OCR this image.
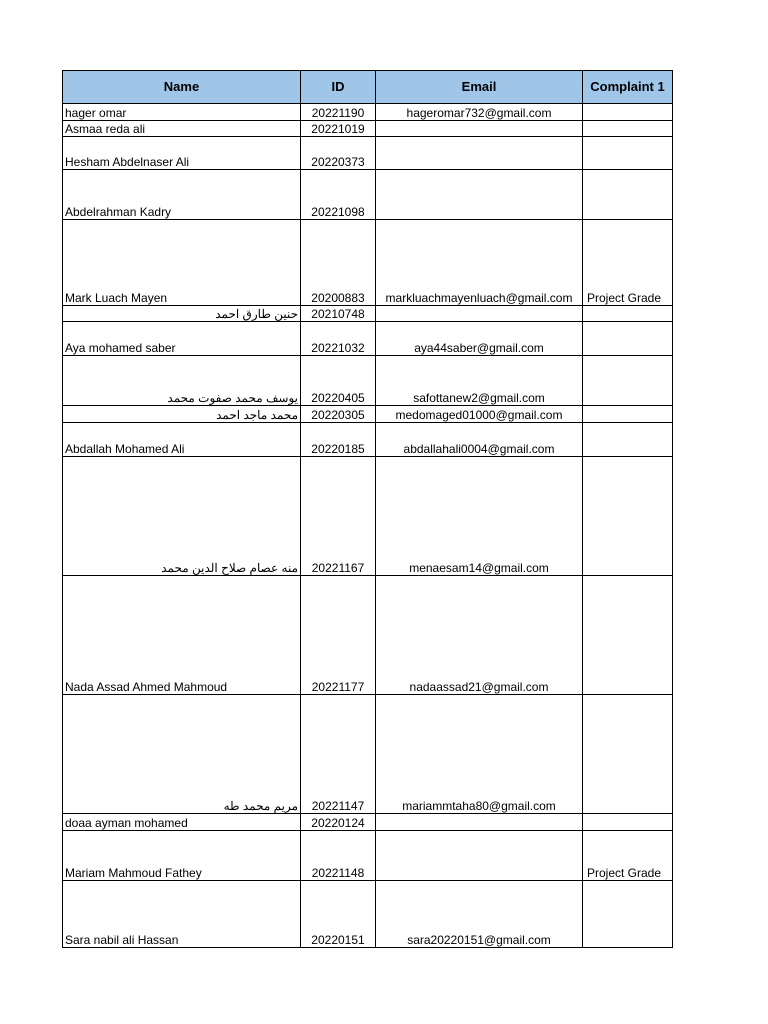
Name	ID	Email	Complaint 1
hager omar	20221190	hageromar732@gmail.com	
Asmaa reda ali	20221019		
Hesham Abdelnaser Ali	20220373		
Abdelrahman Kadry	20221098		
Mark Luach Mayen	20200883	markluachmayenluach@gmail.com	Project Grade
حنين طارق احمد	20210748		
Aya mohamed saber	20221032	aya44saber@gmail.com	
يوسف محمد صفوت محمد	20220405	safottanew2@gmail.com	
محمد ماجد احمد	20220305	medomaged01000@gmail.com	
Abdallah Mohamed Ali	20220185	abdallahali0004@gmail.com	
منه عصام صلاح الدين محمد	20221167	menaesam14@gmail.com	
Nada Assad Ahmed Mahmoud	20221177	nadaassad21@gmail.com	
مريم محمد طه	20221147	mariammtaha80@gmail.com	
doaa ayman mohamed	20220124		
Mariam Mahmoud Fathey	20221148		Project Grade
Sara nabil ali Hassan	20220151	sara20220151@gmail.com	
